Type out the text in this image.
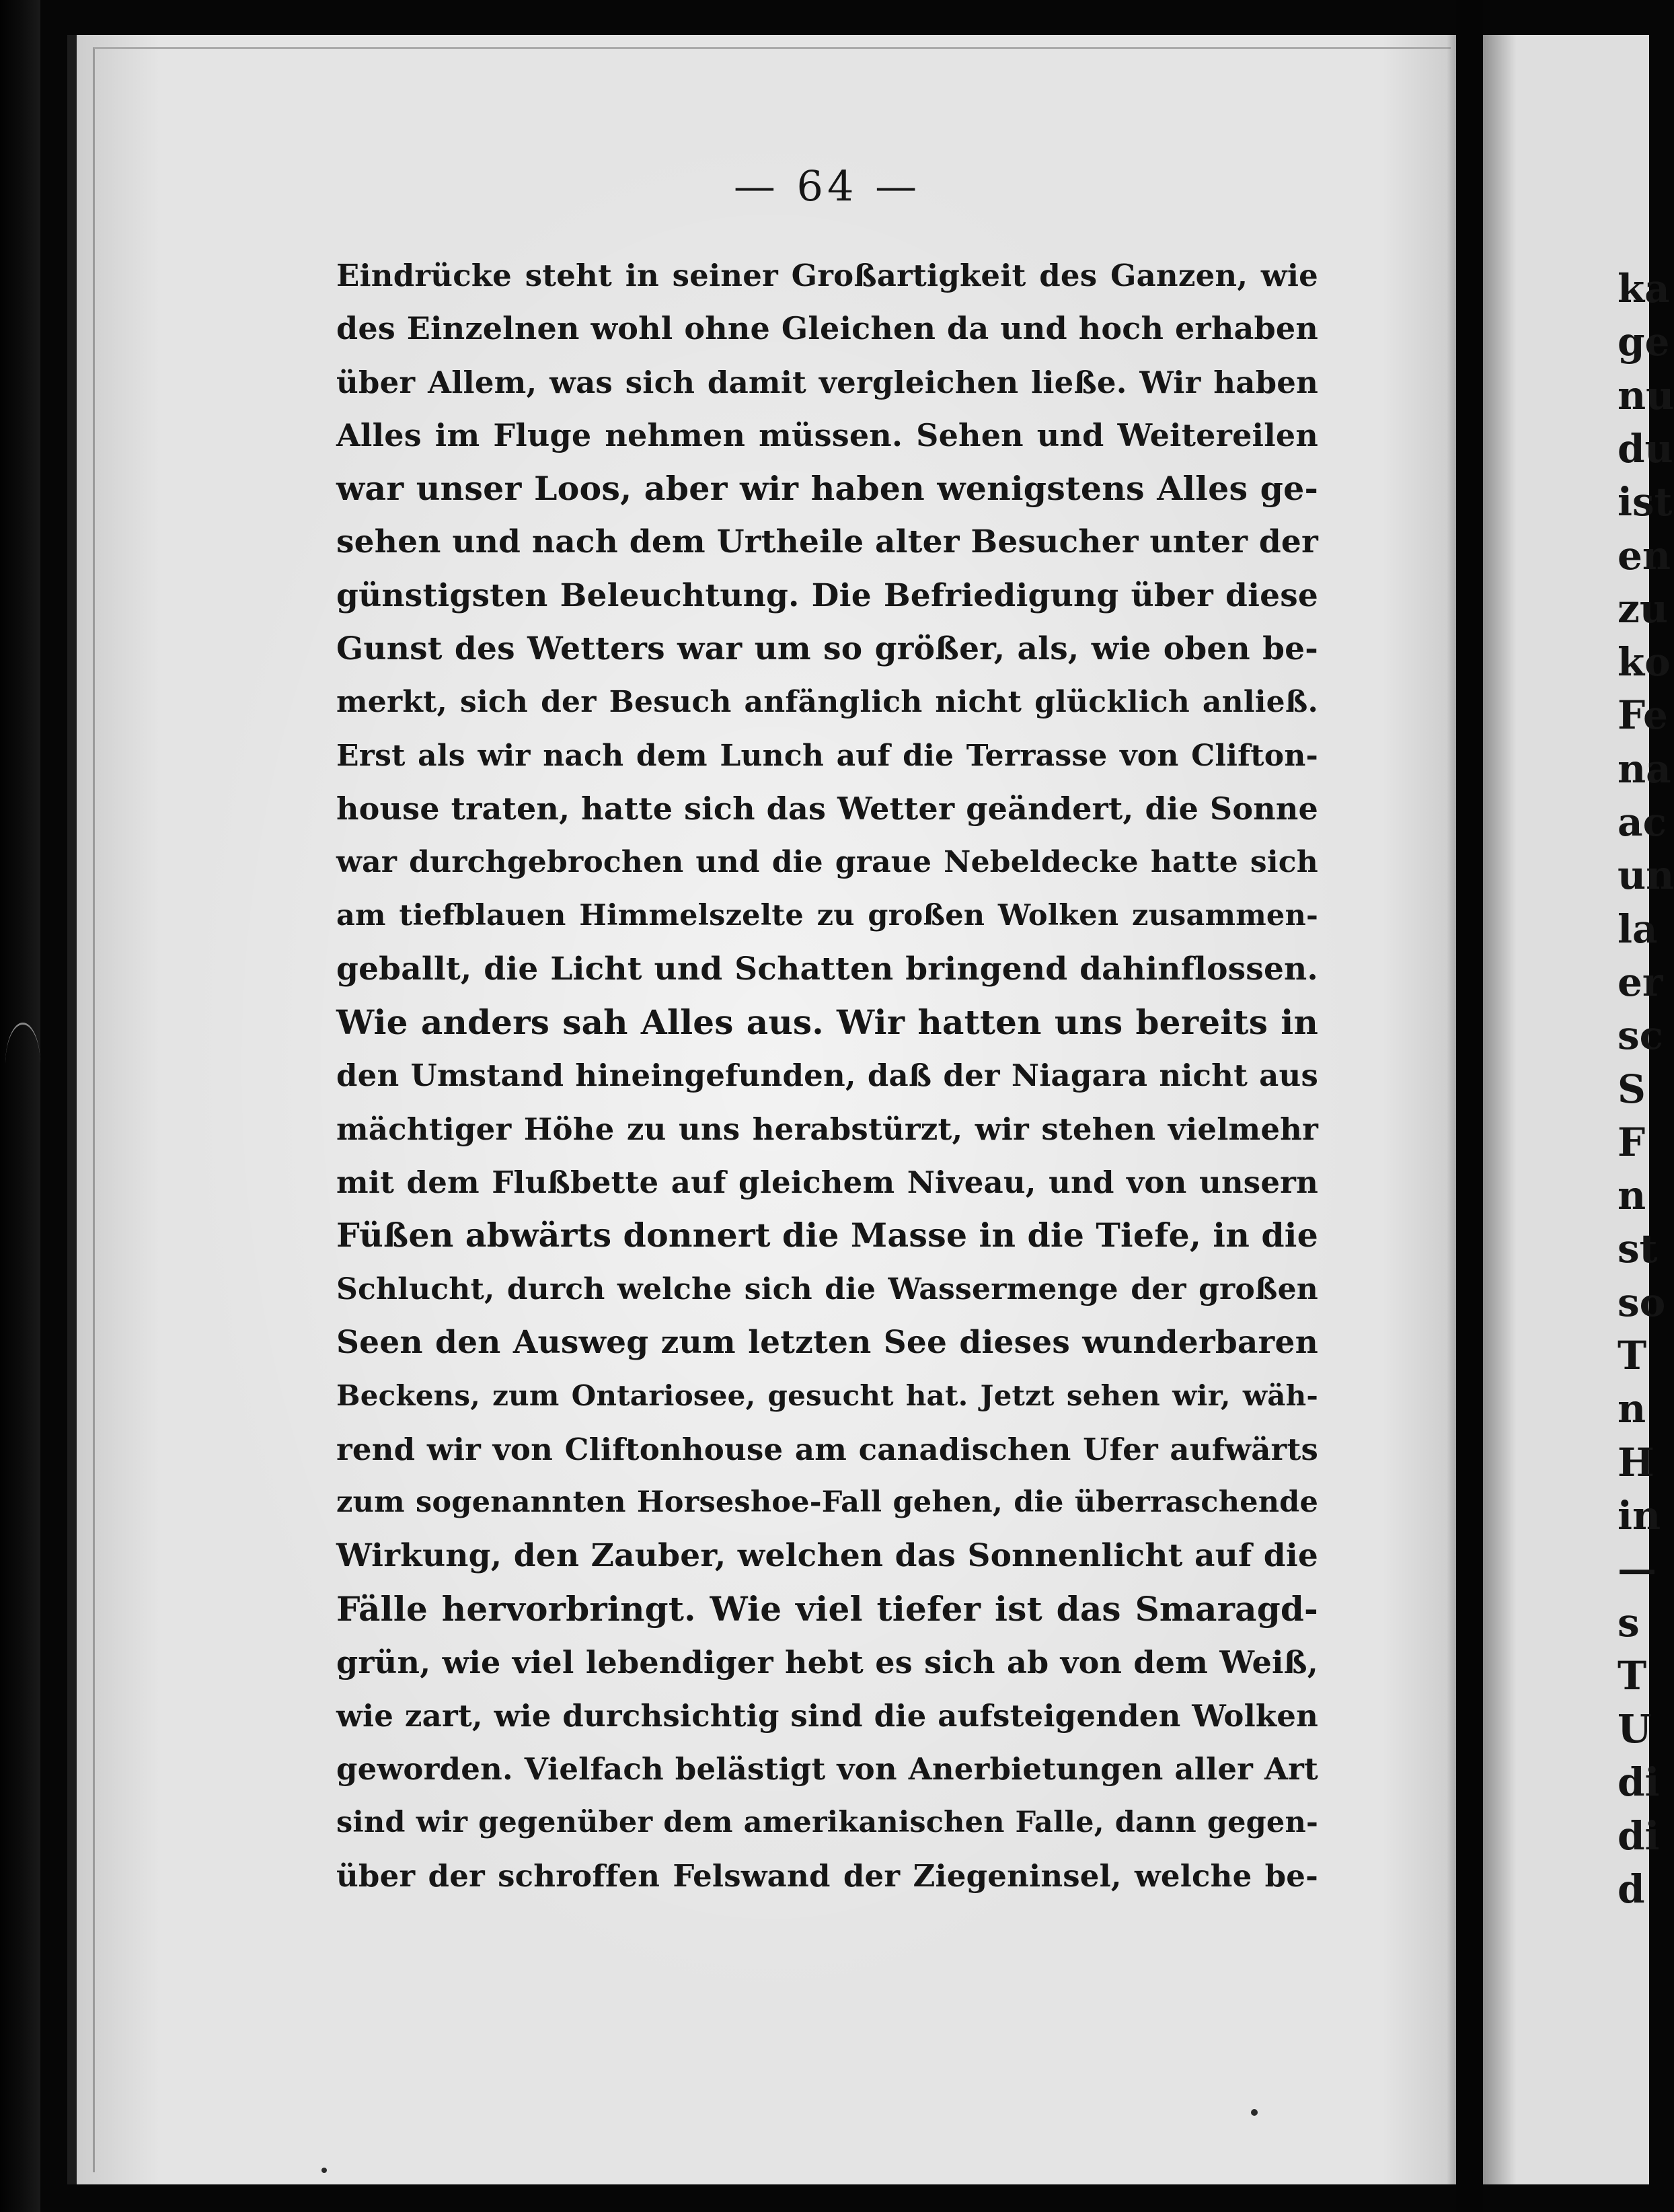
— 64 —
Eindrücke steht in seiner Großartigkeit des Ganzen, wie
des Einzelnen wohl ohne Gleichen da und hoch erhaben
über Allem, was sich damit vergleichen ließe. Wir haben
Alles im Fluge nehmen müssen. Sehen und Weitereilen
war unser Loos, aber wir haben wenigstens Alles ge-
sehen und nach dem Urtheile alter Besucher unter der
günstigsten Beleuchtung. Die Befriedigung über diese
Gunst des Wetters war um so größer, als, wie oben be-
merkt, sich der Besuch anfänglich nicht glücklich anließ.
Erst als wir nach dem Lunch auf die Terrasse von Clifton-
house traten, hatte sich das Wetter geändert, die Sonne
war durchgebrochen und die graue Nebeldecke hatte sich
am tiefblauen Himmelszelte zu großen Wolken zusammen-
geballt, die Licht und Schatten bringend dahinflossen.
Wie anders sah Alles aus. Wir hatten uns bereits in
den Umstand hineingefunden, daß der Niagara nicht aus
mächtiger Höhe zu uns herabstürzt, wir stehen vielmehr
mit dem Flußbette auf gleichem Niveau, und von unsern
Füßen abwärts donnert die Masse in die Tiefe, in die
Schlucht, durch welche sich die Wassermenge der großen
Seen den Ausweg zum letzten See dieses wunderbaren
Beckens, zum Ontariosee, gesucht hat. Jetzt sehen wir, wäh-
rend wir von Cliftonhouse am canadischen Ufer aufwärts
zum sogenannten Horseshoe-Fall gehen, die überraschende
Wirkung, den Zauber, welchen das Sonnenlicht auf die
Fälle hervorbringt. Wie viel tiefer ist das Smaragd-
grün, wie viel lebendiger hebt es sich ab von dem Weiß,
wie zart, wie durchsichtig sind die aufsteigenden Wolken
geworden. Vielfach belästigt von Anerbietungen aller Art
sind wir gegenüber dem amerikanischen Falle, dann gegen-
über der schroffen Felswand der Ziegeninsel, welche be-
ka
ge
nu
du
ist
en
zu
ko
Fe
na
ac
un
la
er
sc
S
F
n
st
so
T
n
H
in
—
s
T
U
di
di
d
